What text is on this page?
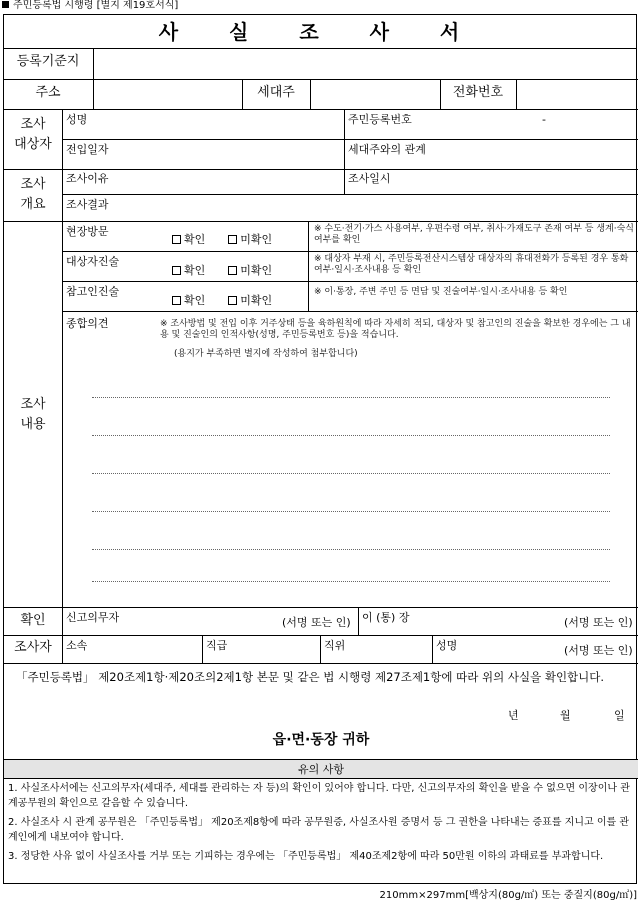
주민등록법 시행령 [별지 제19호서식]
사 실 조 사 서
등록기준지
주소	세대주	전화번호
조사
대상자
성명	주민등록번호	-
전입일자	세대주와의 관계
조사
개요
조사이유	조사일시
조사결과
조사
내용
현장방문
확인	미확인
※ 수도·전기·가스 사용여부, 우편수령 여부, 취사·가재도구 존재 여부 등 생계·숙식 여부를 확인
대상자진술
확인	미확인
※ 대상자 부재 시, 주민등록전산시스템상 대상자의 휴대전화가 등록된 경우 통화 여부·일시·조사내용 등 확인
참고인진술
확인	미확인
※ 이·통장, 주변 주민 등 면담 및 진술여부·일시·조사내용 등 확인
종합의견	※ 조사방법 및 전입 이후 거주상태 등을 육하원칙에 따라 자세히 적되, 대상자 및 참고인의 진술을 확보한 경우에는 그 내용 및 진술인의 인적사항(성명, 주민등록번호 등)을 적습니다.
(용지가 부족하면 별지에 작성하여 첨부합니다)
확인	신고의무자	(서명 또는 인) 이 (통) 장	(서명 또는 인)
조사자	소속	직급	직위	성명	(서명 또는 인)
「주민등록법」 제20조제1항·제20조의2제1항 본문 및 같은 법 시행령 제27조제1항에 따라 위의 사실을 확인합니다.
년	월	일
읍·면·동장 귀하
유의 사항
1. 사실조사서에는 신고의무자(세대주, 세대를 관리하는 자 등)의 확인이 있어야 합니다. 다만, 신고의무자의 확인을 받을 수 없으면 이장이나 관계공무원의 확인으로 갈음할 수 있습니다.
2. 사실조사 시 관계 공무원은 「주민등록법」 제20조제8항에 따라 공무원증, 사실조사원 증명서 등 그 권한을 나타내는 증표를 지니고 이를 관계인에게 내보여야 합니다.
3. 정당한 사유 없이 사실조사를 거부 또는 기피하는 경우에는 「주민등록법」 제40조제2항에 따라 50만원 이하의 과태료를 부과합니다.
210mm×297mm[백상지(80g/㎡) 또는 중질지(80g/㎡)]
